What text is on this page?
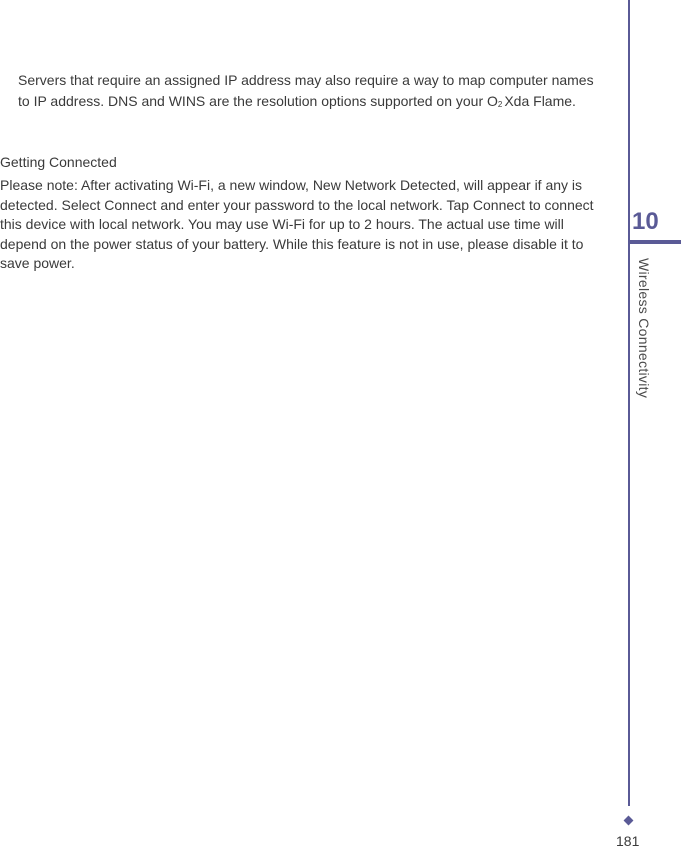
Servers that require an assigned IP address may also require a way to map computer names to IP address. DNS and WINS are the resolution options supported on your O2 Xda Flame.

Getting Connected

Please note: After activating Wi-Fi, a new window, New Network Detected, will appear if any is detected. Select Connect and enter your password to the local network. Tap Connect to connect this device with local network. You may use Wi-Fi for up to 2 hours. The actual use time will depend on the power status of your battery. While this feature is not in use, please disable it to save power.

10
Wireless Connectivity
181
